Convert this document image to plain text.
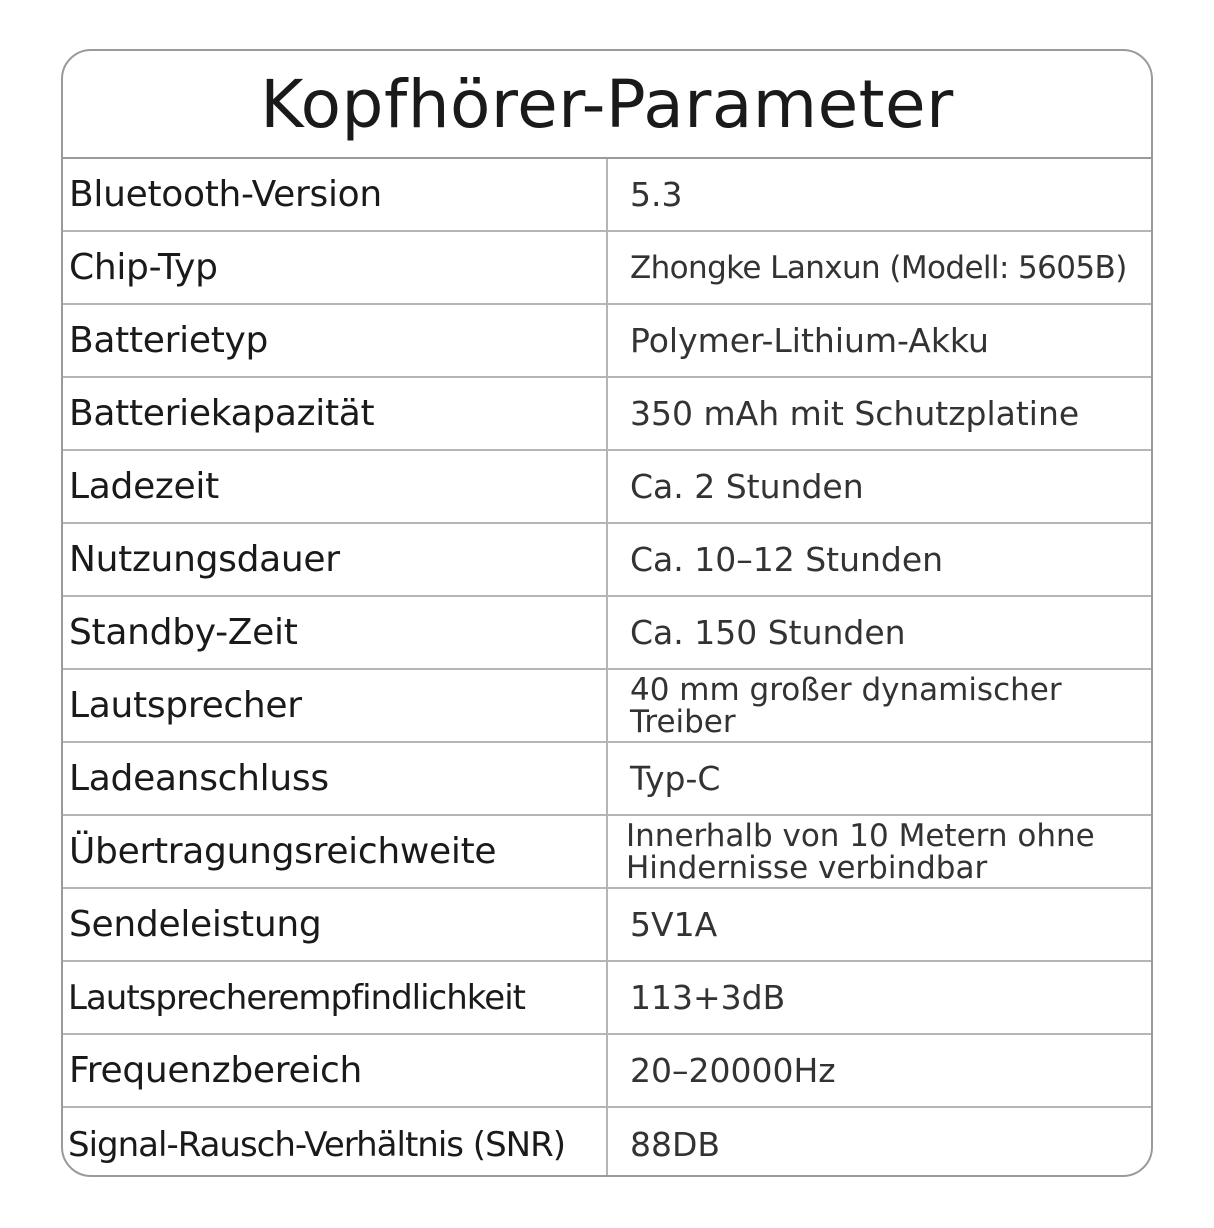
Kopfhörer-Parameter
Bluetooth-Version	5.3
Chip-Typ	Zhongke Lanxun (Modell: 5605B)
Batterietyp	Polymer-Lithium-Akku
Batteriekapazität	350 mAh mit Schutzplatine
Ladezeit	Ca. 2 Stunden
Nutzungsdauer	Ca. 10–12 Stunden
Standby-Zeit	Ca. 150 Stunden
Lautsprecher	40 mm großer dynamischer Treiber
Ladeanschluss	Typ-C
Übertragungsreichweite	Innerhalb von 10 Metern ohne Hindernisse verbindbar
Sendeleistung	5V1A
Lautsprecherempfindlichkeit	113+3dB
Frequenzbereich	20–20000Hz
Signal-Rausch-Verhältnis (SNR)	88DB
